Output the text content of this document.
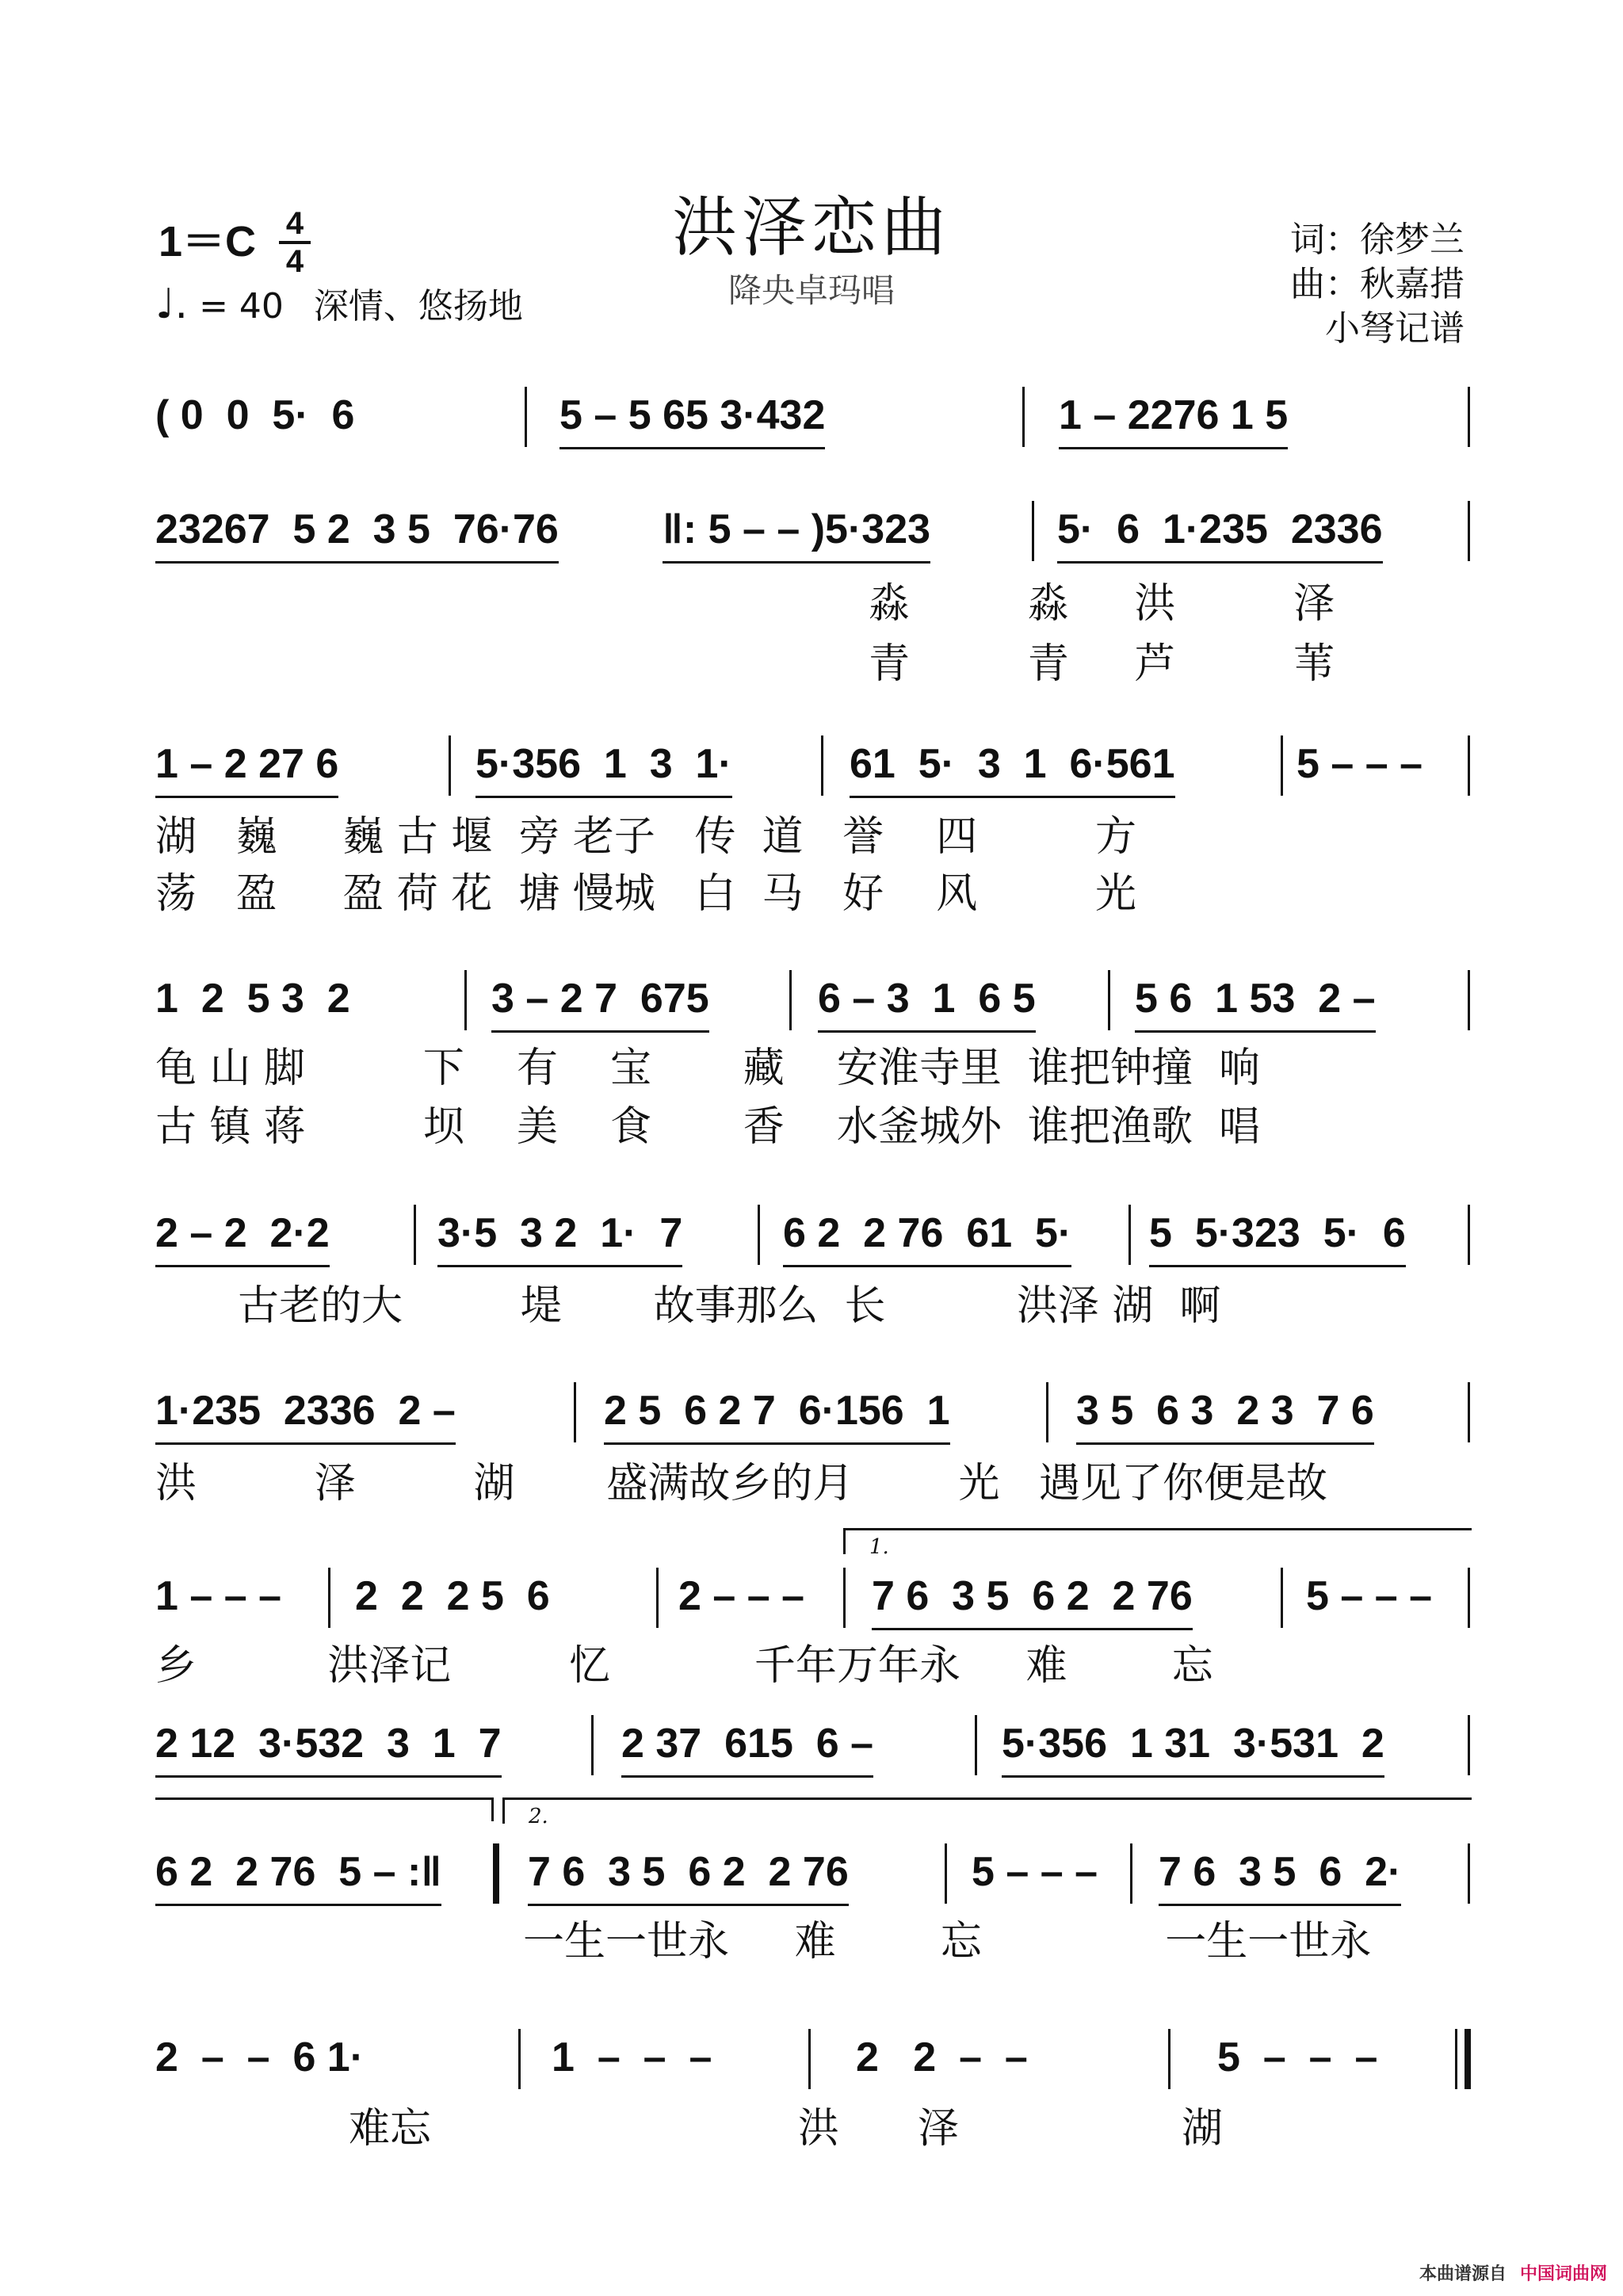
洪泽恋曲
降央卓玛唱
1＝C 4
4
♩. = 40 深情、悠扬地
词：徐梦兰
曲：秋嘉措
小弩记谱
( 0  0  5·  6	5 – 5 65 3·432	1 – 2276 1 5
23267  5 2  3 5  76·76	‖: 5 – – )5·323	5·  6  1·235  2336
淼         淼     洪         泽
青         青     芦         苇
1 – 2 27 6	5·356  1  3  1·	61  5·  3  1  6·561	5 – – –
湖   巍     巍 古 堰  旁 老子   传  道   誉    四         方
荡   盈     盈 荷 花  塘 慢城   白  马   好    风         光
1  2  5 3  2	3 – 2 7  675	6 – 3  1  6 5 5 6  1 53  2 –
龟 山 脚         下    有    宝       藏    安淮寺里  谁把钟撞  响
古 镇 蒋         坝    美    食       香    水釜城外  谁把渔歌  唱
2 – 2  2·2	3·5  3 2  1·  7 6 2  2 76  61  5· 5  5·323  5·  6
古老的大         堤       故事那么  长          洪泽 湖  啊
1·235  2336  2 –	2 5  6 2 7  6·156  1	3 5  6 3  2 3  7 6
洪         泽         湖       盛满故乡的月        光   遇见了你便是故
1.
1 – – – 2  2  2 5  6	2 – – – 7 6  3 5  6 2  2 76	5 – – –
乡          洪泽记         忆           千年万年永     难        忘
2 12  3·532  3  1  7	2 37  615  6 –	5·356  1 31  3·531  2
2.
6 2  2 76  5 – :‖ 7 6  3 5  6 2  2 76	5 – – – 7 6  3 5  6  2·
一生一世永     难        忘              一生一世永
2  –  –  6 1·	1  –  –  –	2   2  –  –	5  –  –  –
难忘                            洪      泽                 湖
本曲谱源自 中国词曲网
